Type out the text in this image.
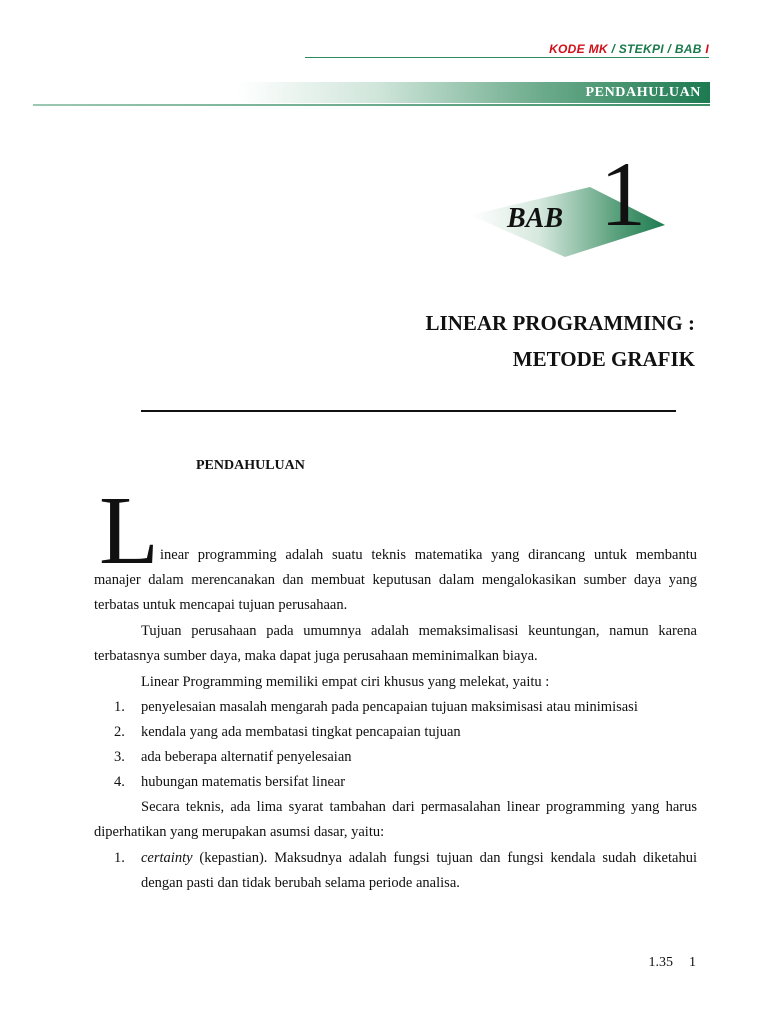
KODE MK / STEKPI / BAB I
PENDAHULUAN
BAB 1
LINEAR PROGRAMMING :
METODE GRAFIK
PENDAHULUAN
L inear programming adalah suatu teknis matematika yang dirancang untuk membantu
manajer dalam merencanakan dan membuat keputusan dalam mengalokasikan sumber daya yang terbatas untuk mencapai tujuan perusahaan.
Tujuan perusahaan pada umumnya adalah memaksimalisasi keuntungan, namun karena terbatasnya sumber daya, maka dapat juga perusahaan meminimalkan biaya.
Linear Programming memiliki empat ciri khusus yang melekat, yaitu :
1. penyelesaian masalah mengarah pada pencapaian tujuan maksimisasi atau minimisasi
2. kendala yang ada membatasi tingkat pencapaian tujuan
3. ada beberapa alternatif penyelesaian
4. hubungan matematis bersifat linear
Secara teknis, ada lima syarat tambahan dari permasalahan linear programming yang harus diperhatikan yang merupakan asumsi dasar, yaitu:
1. certainty (kepastian). Maksudnya adalah fungsi tujuan dan fungsi kendala sudah diketahui dengan pasti dan tidak berubah selama periode analisa.
1.35 1
